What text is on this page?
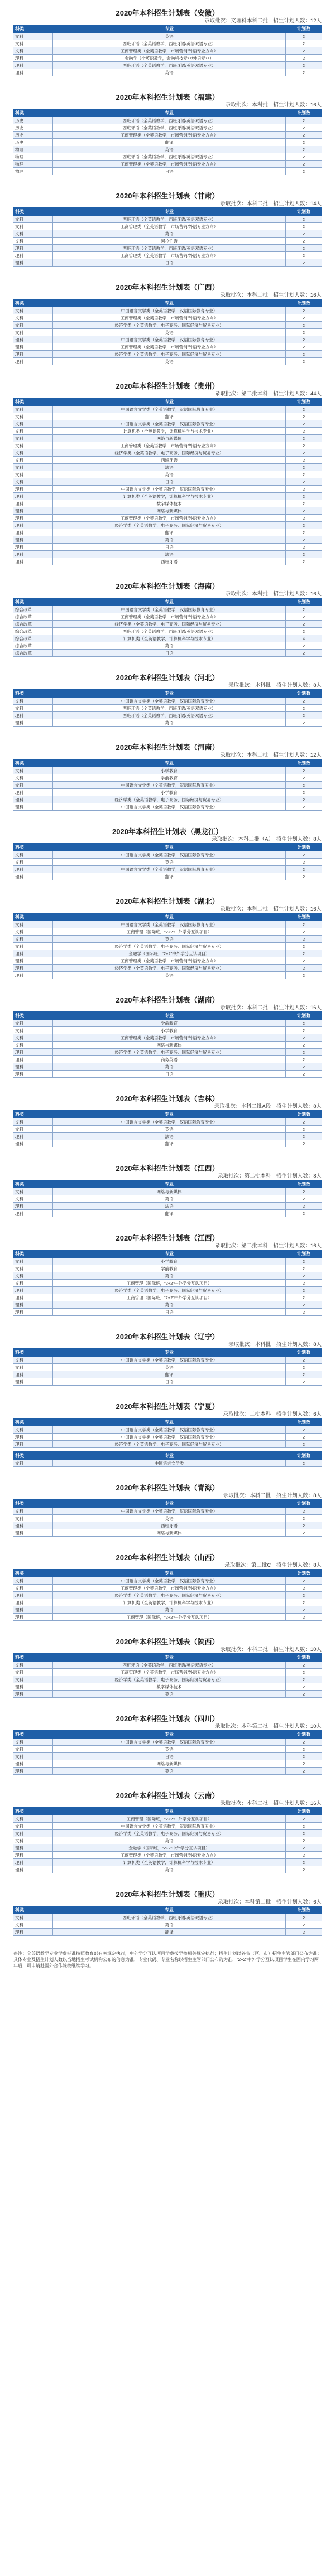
2020年本科招生计划表（安徽）
录取批次：文理科本科二批　招生计划人数：12人
科类	专业	计划数
文科	英语	2
文科	西班牙语（全英语教学，西班牙语/英语双语专业）	2
文科	工商管理类（全英语教学，市场营销/外语专业方向）	2
理科	金融学（全英语教学，金融科技专业/外语专业）	2
理科	西班牙语（全英语教学，西班牙语/英语双语专业）	2
理科	英语	2
2020年本科招生计划表（福建）
录取批次：本科批　招生计划人数：16人
科类	专业	计划数
历史	西班牙语（全英语教学，西班牙语/英语双语专业）	2
历史	西班牙语（全英语教学，西班牙语/英语双语专业）	2
历史	工商管理类（全英语教学，市场营销/外语专业方向）	2
历史	翻译	2
物理	英语	2
物理	西班牙语（全英语教学，西班牙语/英语双语专业）	2
物理	工商管理类（全英语教学，市场营销/外语专业方向）	2
物理	日语	2
2020年本科招生计划表（甘肃）
录取批次：本科二批　招生计划人数：14人
科类	专业	计划数
文科	西班牙语（全英语教学，西班牙语/英语双语专业）	2
文科	工商管理类（全英语教学，市场营销/外语专业方向）	2
文科	英语	2
文科	阿拉伯语	2
理科	西班牙语（全英语教学，西班牙语/英语双语专业）	2
理科	工商管理类（全英语教学，市场营销/外语专业方向）	2
理科	日语	2
2020年本科招生计划表（广西）
录取批次：本科二批　招生计划人数：16人
科类	专业	计划数
文科	中国语言文学类（全英语教学，汉语国际教育专业）	2
文科	工商管理类（全英语教学，市场营销/外语专业方向）	2
文科	经济学类（全英语教学，电子商务、国际经济与贸易专业）	2
文科	英语	2
理科	中国语言文学类（全英语教学，汉语国际教育专业）	2
理科	工商管理类（全英语教学，市场营销/外语专业方向）	2
理科	经济学类（全英语教学，电子商务、国际经济与贸易专业）	2
理科	英语	2
2020年本科招生计划表（贵州）
录取批次：第二批本科　招生计划人数：44人
科类	专业	计划数
文科	中国语言文学类（全英语教学，汉语国际教育专业）	2
文科	翻译	2
文科	中国语言文学类（全英语教学，汉语国际教育专业）	2
文科	计算机类（全英语教学，计算机科学与技术专业）	2
文科	网络与新媒体	2
文科	工商管理类（全英语教学，市场营销/外语专业方向）	2
文科	经济学类（全英语教学，电子商务、国际经济与贸易专业）	2
文科	西班牙语	2
文科	法语	2
文科	英语	2
文科	日语	2
理科	中国语言文学类（全英语教学，汉语国际教育专业）	2
理科	计算机类（全英语教学，计算机科学与技术专业）	2
理科	数字媒体技术	2
理科	网络与新媒体	2
理科	工商管理类（全英语教学，市场营销/外语专业方向）	2
理科	经济学类（全英语教学，电子商务、国际经济与贸易专业）	2
理科	翻译	2
理科	英语	2
理科	日语	2
理科	法语	2
理科	西班牙语	2
2020年本科招生计划表（海南）
录取批次：本科批　招生计划人数：16人
科类	专业	计划数
综合改革	中国语言文学类（全英语教学，汉语国际教育专业）	2
综合改革	工商管理类（全英语教学，市场营销/外语专业方向）	2
综合改革	经济学类（全英语教学，电子商务、国际经济与贸易专业）	2
综合改革	西班牙语（全英语教学，西班牙语/英语双语专业）	2
综合改革	计算机类（全英语教学，计算机科学与技术专业）	4
综合改革	英语	2
综合改革	日语	2
2020年本科招生计划表（河北）
录取批次：本科批　招生计划人数：8人
科类	专业	计划数
文科	中国语言文学类（全英语教学，汉语国际教育专业）	2
文科	西班牙语（全英语教学，西班牙语/英语双语专业）	2
理科	西班牙语（全英语教学，西班牙语/英语双语专业）	2
理科	英语	2
2020年本科招生计划表（河南）
录取批次：本科二批　招生计划人数：12人
科类	专业	计划数
文科	小学教育	2
文科	学前教育	2
文科	中国语言文学类（全英语教学，汉语国际教育专业）	2
理科	小学教育	2
理科	经济学类（全英语教学，电子商务、国际经济与贸易专业）	2
理科	中国语言文学类（全英语教学，汉语国际教育专业）	2
2020年本科招生计划表（黑龙江）
录取批次：本科二批（A）　招生计划人数：8人
科类	专业	计划数
文科	中国语言文学类（全英语教学，汉语国际教育专业）	2
文科	英语	2
理科	中国语言文学类（全英语教学，汉语国际教育专业）	2
理科	翻译	2
2020年本科招生计划表（湖北）
录取批次：本科二批　招生计划人数：16人
科类	专业	计划数
文科	中国语言文学类（全英语教学，汉语国际教育专业）	2
文科	工商管理（国际班，“2+2”中外学分互认项目）	2
文科	英语	2
文科	经济学类（全英语教学，电子商务、国际经济与贸易专业）	2
理科	金融学（国际班，“2+2”中外学分互认项目）	2
理科	工商管理类（全英语教学，市场营销/外语专业方向）	2
理科	经济学类（全英语教学，电子商务、国际经济与贸易专业）	2
理科	英语	2
2020年本科招生计划表（湖南）
录取批次：本科二批　招生计划人数：16人
科类	专业	计划数
文科	学前教育	2
文科	小学教育	2
文科	工商管理类（全英语教学，市场营销/外语专业方向）	2
文科	网络与新媒体	2
理科	经济学类（全英语教学，电子商务、国际经济与贸易专业）	2
理科	商务英语	2
理科	英语	2
理科	日语	2
2020年本科招生计划表（吉林）
录取批次：本科二批A段　招生计划人数：8人
科类	专业	计划数
文科	中国语言文学类（全英语教学，汉语国际教育专业）	2
文科	英语	2
理科	法语	2
理科	翻译	2
2020年本科招生计划表（江西）
录取批次：第二批本科　招生计划人数：8人
科类	专业	计划数
文科	网络与新媒体	2
文科	英语	2
理科	法语	2
理科	翻译	2
2020年本科招生计划表（江西）
录取批次：第二批本科　招生计划人数：16人
科类	专业	计划数
文科	小学教育	2
文科	学前教育	2
文科	英语	2
文科	工商管理（国际班，“2+2”中外学分互认项目）	2
理科	经济学类（全英语教学，电子商务、国际经济与贸易专业）	2
理科	工商管理（国际班，“2+2”中外学分互认项目）	2
理科	英语	2
理科	日语	2
2020年本科招生计划表（辽宁）
录取批次：本科批　招生计划人数：8人
科类	专业	计划数
文科	中国语言文学类（全英语教学，汉语国际教育专业）	2
文科	英语	2
理科	翻译	2
理科	日语	2
2020年本科招生计划表（宁夏）
录取批次：二批本科　招生计划人数：6人
科类	专业	计划数
文科	中国语言文学类（全英语教学，汉语国际教育专业）	2
理科	中国语言文学类（全英语教学，汉语国际教育专业）	2
理科	经济学类（全英语教学，电子商务、国际经济与贸易专业）	2
科类	专业	计划数
文科	中国语言文学类	2
2020年本科招生计划表（青海）
录取批次：本科二批　招生计划人数：8人
科类	专业	计划数
文科	中国语言文学类（全英语教学，汉语国际教育专业）	2
文科	英语	2
理科	西班牙语	2
理科	网络与新媒体	2
2020年本科招生计划表（山西）
录取批次：第二批C　招生计划人数：8人
科类	专业	计划数
文科	中国语言文学类（全英语教学，汉语国际教育专业）	2
文科	工商管理类（全英语教学，市场营销/外语专业方向）	2
理科	经济学类（全英语教学，电子商务、国际经济与贸易专业）	2
理科	计算机类（全英语教学，计算机科学与技术专业）	2
理科	英语	2
理科	工商管理（国际班，“2+2”中外学分互认项目）	2
2020年本科招生计划表（陕西）
录取批次：本科二批　招生计划人数：10人
科类	专业	计划数
文科	西班牙语（全英语教学，西班牙语/英语双语专业）	2
文科	工商管理类（全英语教学，市场营销/外语专业方向）	2
文科	经济学类（全英语教学，电子商务、国际经济与贸易专业）	2
理科	数字媒体技术	2
理科	英语	2
2020年本科招生计划表（四川）
录取批次：本科第二批　招生计划人数：10人
科类	专业	计划数
文科	中国语言文学类（全英语教学，汉语国际教育专业）	2
文科	英语	2
文科	日语	2
理科	网络与新媒体	2
理科	英语	2
2020年本科招生计划表（云南）
录取批次：本科二批　招生计划人数：16人
科类	专业	计划数
文科	工商管理（国际班，“2+2”中外学分互认项目）	2
文科	中国语言文学类（全英语教学，汉语国际教育专业）	2
文科	经济学类（全英语教学，电子商务、国际经济与贸易专业）	2
文科	英语	2
理科	金融学（国际班，“2+2”中外学分互认项目）	2
理科	工商管理类（全英语教学，市场营销/外语专业方向）	2
理科	计算机类（全英语教学，计算机科学与技术专业）	2
理科	英语	2
2020年本科招生计划表（重庆）
录取批次：本科第二批　招生计划人数：6人
科类	专业	计划数
文科	西班牙语（全英语教学，西班牙语/英语双语专业）	2
文科	英语	2
理科	翻译	2
备注：全英语教学专业学费标准按照教育部有关规定执行，中外学分互认项目学费按学校相关规定执行；招生计划以各省（区、市）招生主管部门公布为准；具体专业及招生计划人数以当地招生考试机构公布的信息为准，专业代码、专业名称以招生主管部门公布的为准，“2+2”中外学分互认项目学生在国内学习两年后，可申请赴国外合作院校继续学习。
